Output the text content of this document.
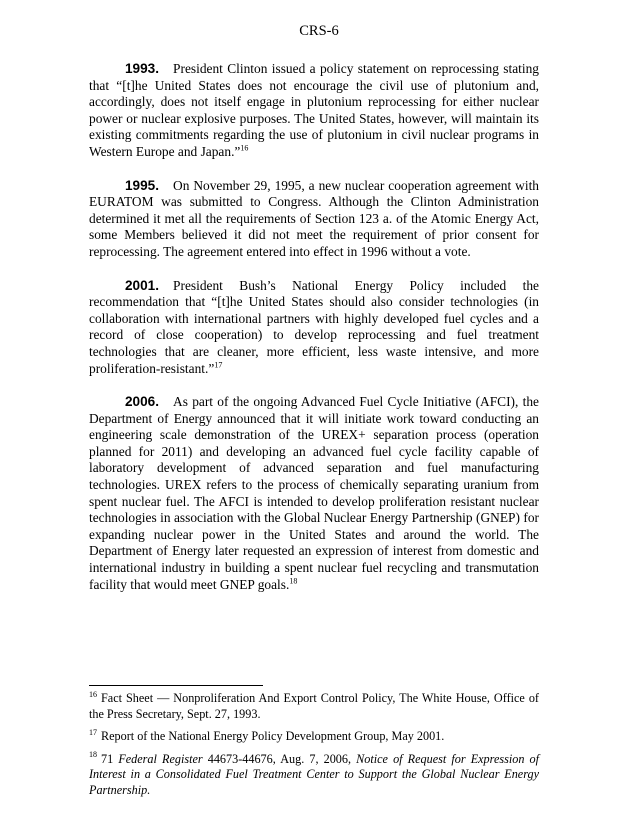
CRS-6

1993. President Clinton issued a policy statement on reprocessing stating that “[t]he United States does not encourage the civil use of plutonium and, accordingly, does not itself engage in plutonium reprocessing for either nuclear power or nuclear explosive purposes. The United States, however, will maintain its existing commitments regarding the use of plutonium in civil nuclear programs in Western Europe and Japan.”$^{16}$

1995. On November 29, 1995, a new nuclear cooperation agreement with EURATOM was submitted to Congress. Although the Clinton Administration determined it met all the requirements of Section 123 a. of the Atomic Energy Act, some Members believed it did not meet the requirement of prior consent for reprocessing. The agreement entered into effect in 1996 without a vote.

2001. President Bush’s National Energy Policy included the recommendation that “[t]he United States should also consider technologies (in collaboration with international partners with highly developed fuel cycles and a record of close cooperation) to develop reprocessing and fuel treatment technologies that are cleaner, more efficient, less waste intensive, and more proliferation-resistant.”$^{17}$

2006. As part of the ongoing Advanced Fuel Cycle Initiative (AFCI), the Department of Energy announced that it will initiate work toward conducting an engineering scale demonstration of the UREX+ separation process (operation planned for 2011) and developing an advanced fuel cycle facility capable of laboratory development of advanced separation and fuel manufacturing technologies. UREX refers to the process of chemically separating uranium from spent nuclear fuel. The AFCI is intended to develop proliferation resistant nuclear technologies in association with the Global Nuclear Energy Partnership (GNEP) for expanding nuclear power in the United States and around the world. The Department of Energy later requested an expression of interest from domestic and international industry in building a spent nuclear fuel recycling and transmutation facility that would meet GNEP goals.$^{18}$

$^{16}$ Fact Sheet — Nonproliferation And Export Control Policy, The White House, Office of the Press Secretary, Sept. 27, 1993.

$^{17}$ Report of the National Energy Policy Development Group, May 2001.

$^{18}$ 71 Federal Register 44673-44676, Aug. 7, 2006, Notice of Request for Expression of Interest in a Consolidated Fuel Treatment Center to Support the Global Nuclear Energy Partnership.
